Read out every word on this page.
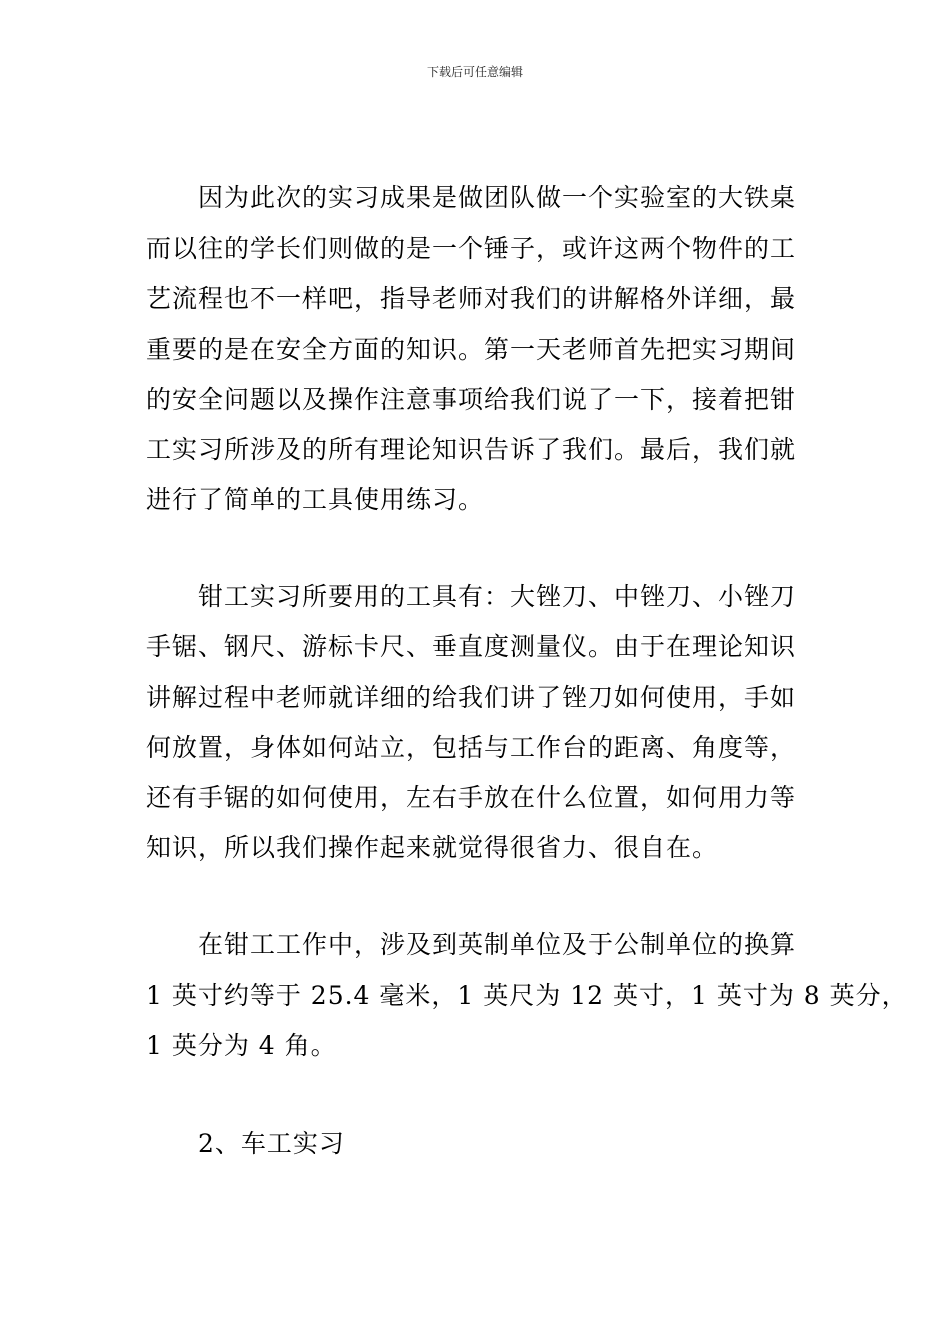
下载后可任意编辑
因为此次的实习成果是做团队做一个实验室的大铁桌
而以往的学长们则做的是一个锤子，或许这两个物件的工
艺流程也不一样吧，指导老师对我们的讲解格外详细，最
重要的是在安全方面的知识。第一天老师首先把实习期间
的安全问题以及操作注意事项给我们说了一下，接着把钳
工实习所涉及的所有理论知识告诉了我们。最后，我们就
进行了简单的工具使用练习。
钳工实习所要用的工具有：大锉刀、中锉刀、小锉刀
手锯、钢尺、游标卡尺、垂直度测量仪。由于在理论知识
讲解过程中老师就详细的给我们讲了锉刀如何使用，手如
何放置，身体如何站立，包括与工作台的距离、角度等，
还有手锯的如何使用，左右手放在什么位置，如何用力等
知识，所以我们操作起来就觉得很省力、很自在。
在钳工工作中，涉及到英制单位及于公制单位的换算
1 英寸约等于 25.4 毫米，1 英尺为 12 英寸，1 英寸为 8 英分，
1 英分为 4 角。
2、车工实习
